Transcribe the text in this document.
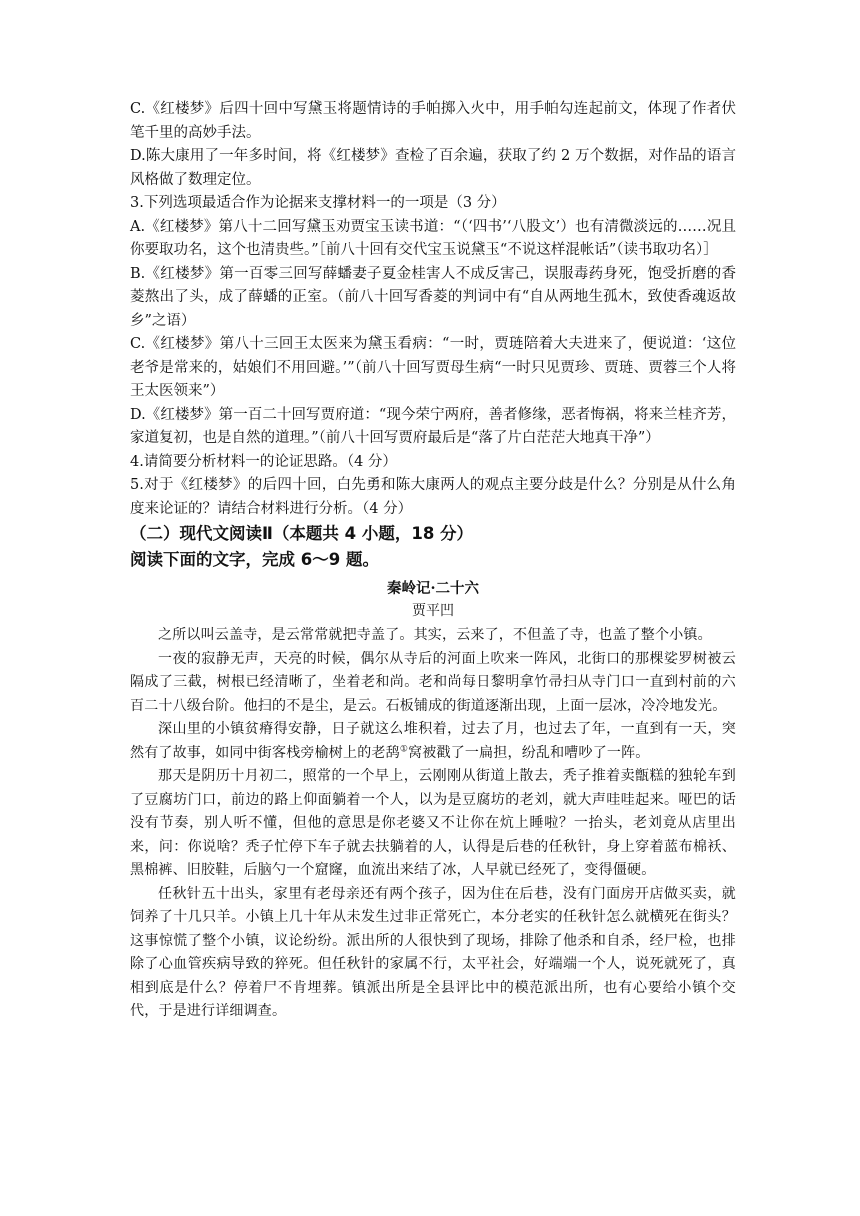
C.《红楼梦》后四十回中写黛玉将题情诗的手帕掷入火中，用手帕勾连起前文，体现了作者伏笔千里的高妙手法。

D.陈大康用了一年多时间，将《红楼梦》查检了百余遍，获取了约 2 万个数据，对作品的语言风格做了数理定位。

3.下列选项最适合作为论据来支撑材料一的一项是（3 分）

A.《红楼梦》第八十二回写黛玉劝贾宝玉读书道：“（‘四书’‘八股文’）也有清微淡远的……况且你要取功名，这个也清贵些。”［前八十回有交代宝玉说黛玉“不说这样混帐话”（读书取功名）］

B.《红楼梦》第一百零三回写薛蟠妻子夏金桂害人不成反害己，误服毒药身死，饱受折磨的香菱熬出了头，成了薛蟠的正室。（前八十回写香菱的判词中有“自从两地生孤木，致使香魂返故乡”之语）

C.《红楼梦》第八十三回王太医来为黛玉看病：“一时，贾琏陪着大夫进来了，便说道：‘这位老爷是常来的，姑娘们不用回避。’”（前八十回写贾母生病“一时只见贾珍、贾琏、贾蓉三个人将王太医领来”）

D.《红楼梦》第一百二十回写贾府道：“现今荣宁两府，善者修缘，恶者悔祸，将来兰桂齐芳，家道复初，也是自然的道理。”（前八十回写贾府最后是“落了片白茫茫大地真干净”）

4.请简要分析材料一的论证思路。（4 分）

5.对于《红楼梦》的后四十回，白先勇和陈大康两人的观点主要分歧是什么？分别是从什么角度来论证的？请结合材料进行分析。（4 分）

（二）现代文阅读Ⅱ（本题共 4 小题，18 分）

阅读下面的文字，完成 6～9 题。

秦岭记·二十六

贾平凹

之所以叫云盖寺，是云常常就把寺盖了。其实，云来了，不但盖了寺，也盖了整个小镇。

一夜的寂静无声，天亮的时候，偶尔从寺后的河面上吹来一阵风，北街口的那棵娑罗树被云隔成了三截，树根已经清晰了，坐着老和尚。老和尚每日黎明拿竹帚扫从寺门口一直到村前的六百二十八级台阶。他扫的不是尘，是云。石板铺成的街道逐渐出现，上面一层冰，冷冷地发光。

深山里的小镇贫瘠得安静，日子就这么堆积着，过去了月，也过去了年，一直到有一天，突然有了故事，如同中街客栈旁榆树上的老鸹①窝被戳了一扁担，纷乱和嘈吵了一阵。

那天是阴历十月初二，照常的一个早上，云刚刚从街道上散去，秃子推着卖甑糕的独轮车到了豆腐坊门口，前边的路上仰面躺着一个人，以为是豆腐坊的老刘，就大声哇哇起来。哑巴的话没有节奏，别人听不懂，但他的意思是你老婆又不让你在炕上睡啦？一抬头，老刘竟从店里出来，问：你说啥？秃子忙停下车子就去扶躺着的人，认得是后巷的任秋针，身上穿着蓝布棉袄、黑棉裤、旧胶鞋，后脑勺一个窟窿，血流出来结了冰，人早就已经死了，变得僵硬。

任秋针五十出头，家里有老母亲还有两个孩子，因为住在后巷，没有门面房开店做买卖，就饲养了十几只羊。小镇上几十年从未发生过非正常死亡，本分老实的任秋针怎么就横死在街头？这事惊慌了整个小镇，议论纷纷。派出所的人很快到了现场，排除了他杀和自杀，经尸检，也排除了心血管疾病导致的猝死。但任秋针的家属不行，太平社会，好端端一个人，说死就死了，真相到底是什么？停着尸不肯埋葬。镇派出所是全县评比中的模范派出所，也有心要给小镇个交代，于是进行详细调查。
